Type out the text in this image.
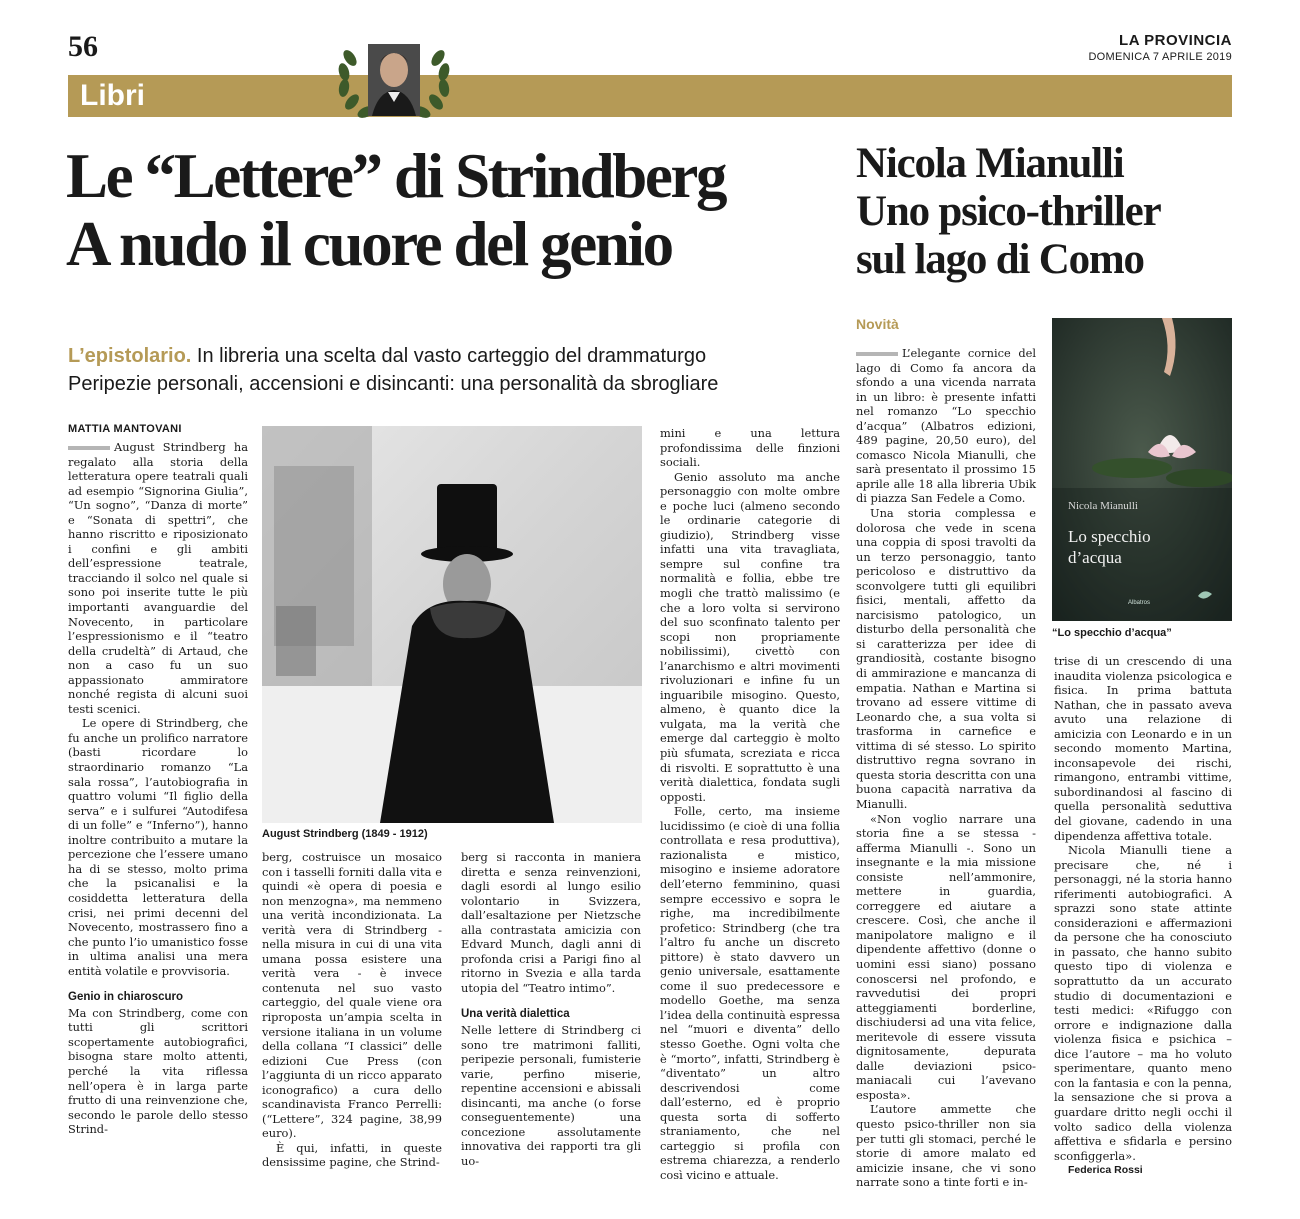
56	LA PROVINCIA
DOMENICA 7 APRILE 2019
Libri
Le “Lettere” di Strindberg
A nudo il cuore del genio
Nicola Mianulli
Uno psico-thriller
sul lago di Como
L’epistolario. In libreria una scelta dal vasto carteggio del drammaturgo
Peripezie personali, accensioni e disincanti: una personalità da sbrogliare
MATTIA MANTOVANI

August Strindberg ha regalato alla storia della letteratura opere teatrali quali ad esempio “Signorina Giulia”, “Un sogno”, “Danza di morte” e “Sonata di spettri”, che hanno riscritto e riposizionato i confini e gli ambiti dell’espressione teatrale, tracciando il solco nel quale si sono poi inserite tutte le più importanti avanguardie del Novecento, in particolare l’espressionismo e il “teatro della crudeltà” di Artaud, che non a caso fu un suo appassionato ammiratore nonché regista di alcuni suoi testi scenici.

Le opere di Strindberg, che fu anche un prolifico narratore (basti ricordare lo straordinario romanzo “La sala rossa”, l’autobiografia in quattro volumi “Il figlio della serva” e i sulfurei “Autodifesa di un folle” e “Inferno”), hanno inoltre contribuito a mutare la percezione che l’essere umano ha di se stesso, molto prima che la psicanalisi e la cosiddetta letteratura della crisi, nei primi decenni del Novecento, mostrassero fino a che punto l’io umanistico fosse in ultima analisi una mera entità volatile e provvisoria.

Genio in chiaroscuro

Ma con Strindberg, come con tutti gli scrittori scopertamente autobiografici, bisogna stare molto attenti, perché la vita riflessa nell’opera è in larga parte frutto di una reinvenzione che, secondo le parole dello stesso Strind-

August Strindberg (1849 - 1912)

berg, costruisce un mosaico con i tasselli forniti dalla vita e quindi «è opera di poesia e non menzogna», ma nemmeno una verità incondizionata. La verità vera di Strindberg - nella misura in cui di una vita umana possa esistere una verità vera - è invece contenuta nel suo vasto carteggio, del quale viene ora riproposta un’ampia scelta in versione italiana in un volume della collana “I classici” delle edizioni Cue Press (con l’aggiunta di un ricco apparato iconografico) a cura dello scandinavista Franco Perrelli: (“Lettere”, 324 pagine, 38,99 euro).

È qui, infatti, in queste densissime pagine, che Strind-

berg si racconta in maniera diretta e senza reinvenzioni, dagli esordi al lungo esilio volontario in Svizzera, dall’esaltazione per Nietzsche alla contrastata amicizia con Edvard Munch, dagli anni di profonda crisi a Parigi fino al ritorno in Svezia e alla tarda utopia del “Teatro intimo”.

Una verità dialettica

Nelle lettere di Strindberg ci sono tre matrimoni falliti, peripezie personali, fumisterie varie, perfino miserie, repentine accensioni e abissali disincanti, ma anche (o forse conseguentemente) una concezione assolutamente innovativa dei rapporti tra gli uo-

mini e una lettura profondissima delle finzioni sociali.

Genio assoluto ma anche personaggio con molte ombre e poche luci (almeno secondo le ordinarie categorie di giudizio), Strindberg visse infatti una vita travagliata, sempre sul confine tra normalità e follia, ebbe tre mogli che trattò malissimo (e che a loro volta si servirono del suo sconfinato talento per scopi non propriamente nobilissimi), civettò con l’anarchismo e altri movimenti rivoluzionari e infine fu un inguaribile misogino. Questo, almeno, è quanto dice la vulgata, ma la verità che emerge dal carteggio è molto più sfumata, screziata e ricca di risvolti. E soprattutto è una verità dialettica, fondata sugli opposti.

Folle, certo, ma insieme lucidissimo (e cioè di una follia controllata e resa produttiva), razionalista e mistico, misogino e insieme adoratore dell’eterno femminino, quasi sempre eccessivo e sopra le righe, ma incredibilmente profetico: Strindberg (che tra l’altro fu anche un discreto pittore) è stato davvero un genio universale, esattamente come il suo predecessore e modello Goethe, ma senza l’idea della continuità espressa nel “muori e diventa” dello stesso Goethe. Ogni volta che è “morto”, infatti, Strindberg è “diventato” un altro descrivendosi come dall’esterno, ed è proprio questa sorta di sofferto straniamento, che nel carteggio si profila con estrema chiarezza, a renderlo così vicino e attuale.

Novità

L’elegante cornice del lago di Como fa ancora da sfondo a una vicenda narrata in un libro: è presente infatti nel romanzo “Lo specchio d’acqua” (Albatros edizioni, 489 pagine, 20,50 euro), del comasco Nicola Mianulli, che sarà presentato il prossimo 15 aprile alle 18 alla libreria Ubik di piazza San Fedele a Como.

Una storia complessa e dolorosa che vede in scena una coppia di sposi travolti da un terzo personaggio, tanto pericoloso e distruttivo da sconvolgere tutti gli equilibri fisici, mentali, affetto da narcisismo patologico, un disturbo della personalità che si caratterizza per idee di grandiosità, costante bisogno di ammirazione e mancanza di empatia. Nathan e Martina si trovano ad essere vittime di Leonardo che, a sua volta si trasforma in carnefice e vittima di sé stesso. Lo spirito distruttivo regna sovrano in questa storia descritta con una buona capacità narrativa da Mianulli.

«Non voglio narrare una storia fine a se stessa - afferma Mianulli -. Sono un insegnante e la mia missione consiste nell’ammonire, mettere in guardia, correggere ed aiutare a crescere. Così, che anche il manipolatore maligno e il dipendente affettivo (donne o uomini essi siano) possano conoscersi nel profondo, e ravvedutisi dei propri atteggiamenti borderline, dischiudersi ad una vita felice, meritevole di essere vissuta dignitosamente, depurata dalle deviazioni psico-maniacali cui l’avevano esposta».

L’autore ammette che questo psico-thriller non sia per tutti gli stomaci, perché le storie di amore malato ed amicizie insane, che vi sono narrate sono a tinte forti e in-

Nicola Mianulli
Lo specchio d’acqua
Albatros
“Lo specchio d’acqua”

trise di un crescendo di una inaudita violenza psicologica e fisica. In prima battuta Nathan, che in passato aveva avuto una relazione di amicizia con Leonardo e in un secondo momento Martina, inconsapevole dei rischi, rimangono, entrambi vittime, subordinandosi al fascino di quella personalità seduttiva del giovane, cadendo in una dipendenza affettiva totale.

Nicola Mianulli tiene a precisare che, né i personaggi, né la storia hanno riferimenti autobiografici. A sprazzi sono state attinte considerazioni e affermazioni da persone che ha conosciuto in passato, che hanno subito questo tipo di violenza e soprattutto da un accurato studio di documentazioni e testi medici: «Rifuggo con orrore e indignazione dalla violenza fisica e psichica – dice l’autore – ma ho voluto sperimentare, quanto meno con la fantasia e con la penna, la sensazione che si prova a guardare dritto negli occhi il volto sadico della violenza affettiva e sfidarla e persino sconfiggerla».

Federica Rossi
